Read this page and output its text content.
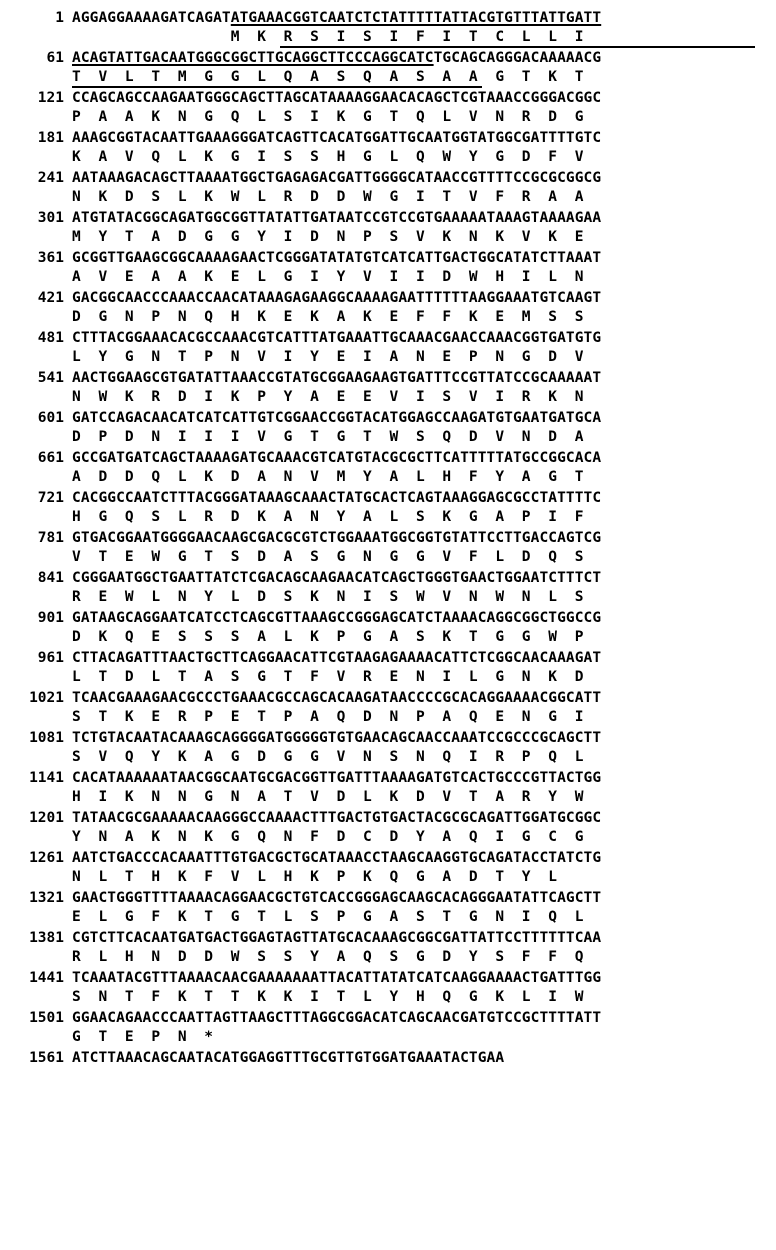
1 AGGAGGAAAAGATCAGATATGAAACGGTCAATCTCTATTTTTATTACGTGTTTATTGATT
M  K  R  S  I  S  I  F  I  T  C  L  L  I
61 ACAGTATTGACAATGGGCGGCTTGCAGGCTTCCCAGGCATCTGCAGCAGGGACAAAAACG
T  V  L  T  M  G  G  L  Q  A  S  Q  A  S  A  A  G  T  K  T
121 CCAGCAGCCAAGAATGGGCAGCTTAGCATAAAAGGAACACAGCTCGTAAACCGGGACGGC
P  A  A  K  N  G  Q  L  S  I  K  G  T  Q  L  V  N  R  D  G
181 AAAGCGGTACAATTGAAAGGGATCAGTTCACATGGATTGCAATGGTATGGCGATTTTGTC
K  A  V  Q  L  K  G  I  S  S  H  G  L  Q  W  Y  G  D  F  V
241 AATAAAGACAGCTTAAAATGGCTGAGAGACGATTGGGGCATAACCGTTTTCCGCGCGGCG
N  K  D  S  L  K  W  L  R  D  D  W  G  I  T  V  F  R  A  A
301 ATGTATACGGCAGATGGCGGTTATATTGATAATCCGTCCGTGAAAAATAAAGTAAAAGAA
M  Y  T  A  D  G  G  Y  I  D  N  P  S  V  K  N  K  V  K  E
361 GCGGTTGAAGCGGCAAAAGAACTCGGGATATATGTCATCATTGACTGGCATATCTTAAAT
A  V  E  A  A  K  E  L  G  I  Y  V  I  I  D  W  H  I  L  N
421 GACGGCAACCCAAACCAACATAAAGAGAAGGCAAAAGAATTTTTTAAGGAAATGTCAAGT
D  G  N  P  N  Q  H  K  E  K  A  K  E  F  F  K  E  M  S  S
481 CTTTACGGAAACACGCCAAACGTCATTTATGAAATTGCAAACGAACCAAACGGTGATGTG
L  Y  G  N  T  P  N  V  I  Y  E  I  A  N  E  P  N  G  D  V
541 AACTGGAAGCGTGATATTAAACCGTATGCGGAAGAAGTGATTTCCGTTATCCGCAAAAAT
N  W  K  R  D  I  K  P  Y  A  E  E  V  I  S  V  I  R  K  N
601 GATCCAGACAACATCATCATTGTCGGAACCGGTACATGGAGCCAAGATGTGAATGATGCA
D  P  D  N  I  I  I  V  G  T  G  T  W  S  Q  D  V  N  D  A
661 GCCGATGATCAGCTAAAAGATGCAAACGTCATGTACGCGCTTCATTTTTATGCCGGCACA
A  D  D  Q  L  K  D  A  N  V  M  Y  A  L  H  F  Y  A  G  T
721 CACGGCCAATCTTTACGGGATAAAGCAAACTATGCACTCAGTAAAGGAGCGCCTATTTTC
H  G  Q  S  L  R  D  K  A  N  Y  A  L  S  K  G  A  P  I  F
781 GTGACGGAATGGGGAACAAGCGACGCGTCTGGAAATGGCGGTGTATTCCTTGACCAGTCG
V  T  E  W  G  T  S  D  A  S  G  N  G  G  V  F  L  D  Q  S
841 CGGGAATGGCTGAATTATCTCGACAGCAAGAACATCAGCTGGGTGAACTGGAATCTTTCT
R  E  W  L  N  Y  L  D  S  K  N  I  S  W  V  N  W  N  L  S
901 GATAAGCAGGAATCATCCTCAGCGTTAAAGCCGGGAGCATCTAAAACAGGCGGCTGGCCG
D  K  Q  E  S  S  S  A  L  K  P  G  A  S  K  T  G  G  W  P
961 CTTACAGATTTAACTGCTTCAGGAACATTCGTAAGAGAAAACATTCTCGGCAACAAAGAT
L  T  D  L  T  A  S  G  T  F  V  R  E  N  I  L  G  N  K  D
1021 TCAACGAAAGAACGCCCTGAAACGCCAGCACAAGATAACCCCGCACAGGAAAACGGCATT
S  T  K  E  R  P  E  T  P  A  Q  D  N  P  A  Q  E  N  G  I
1081 TCTGTACAATACAAAGCAGGGGATGGGGGTGTGAACAGCAACCAAATCCGCCCGCAGCTT
S  V  Q  Y  K  A  G  D  G  G  V  N  S  N  Q  I  R  P  Q  L
1141 CACATAAAAAATAACGGCAATGCGACGGTTGATTTAAAAGATGTCACTGCCCGTTACTGG
H  I  K  N  N  G  N  A  T  V  D  L  K  D  V  T  A  R  Y  W
1201 TATAACGCGAAAAACAAGGGCCAAAACTTTGACTGTGACTACGCGCAGATTGGATGCGGC
Y  N  A  K  N  K  G  Q  N  F  D  C  D  Y  A  Q  I  G  C  G
1261 AATCTGACCCACAAATTTGTGACGCTGCATAAACCTAAGCAAGGTGCAGATACCTATCTG
N  L  T  H  K  F  V  L  H  K  P  K  Q  G  A  D  T  Y  L
1321 GAACTGGGTTTTAAAACAGGAACGCTGTCACCGGGAGCAAGCACAGGGAATATTCAGCTT
E  L  G  F  K  T  G  T  L  S  P  G  A  S  T  G  N  I  Q  L
1381 CGTCTTCACAATGATGACTGGAGTAGTTATGCACAAAGCGGCGATTATTCCTTTTTTCAA
R  L  H  N  D  D  W  S  S  Y  A  Q  S  G  D  Y  S  F  F  Q
1441 TCAAATACGTTTAAAACAACGAAAAAAATTACATTATATCATCAAGGAAAACTGATTTGG
S  N  T  F  K  T  T  K  K  I  T  L  Y  H  Q  G  K  L  I  W
1501 GGAACAGAACCCAATTAGTTAAGCTTTAGGCGGACATCAGCAACGATGTCCGCTTTTATT
G  T  E  P  N  *
1561 ATCTTAAACAGCAATACATGGAGGTTTGCGTTGTGGATGAAATACTGAA
